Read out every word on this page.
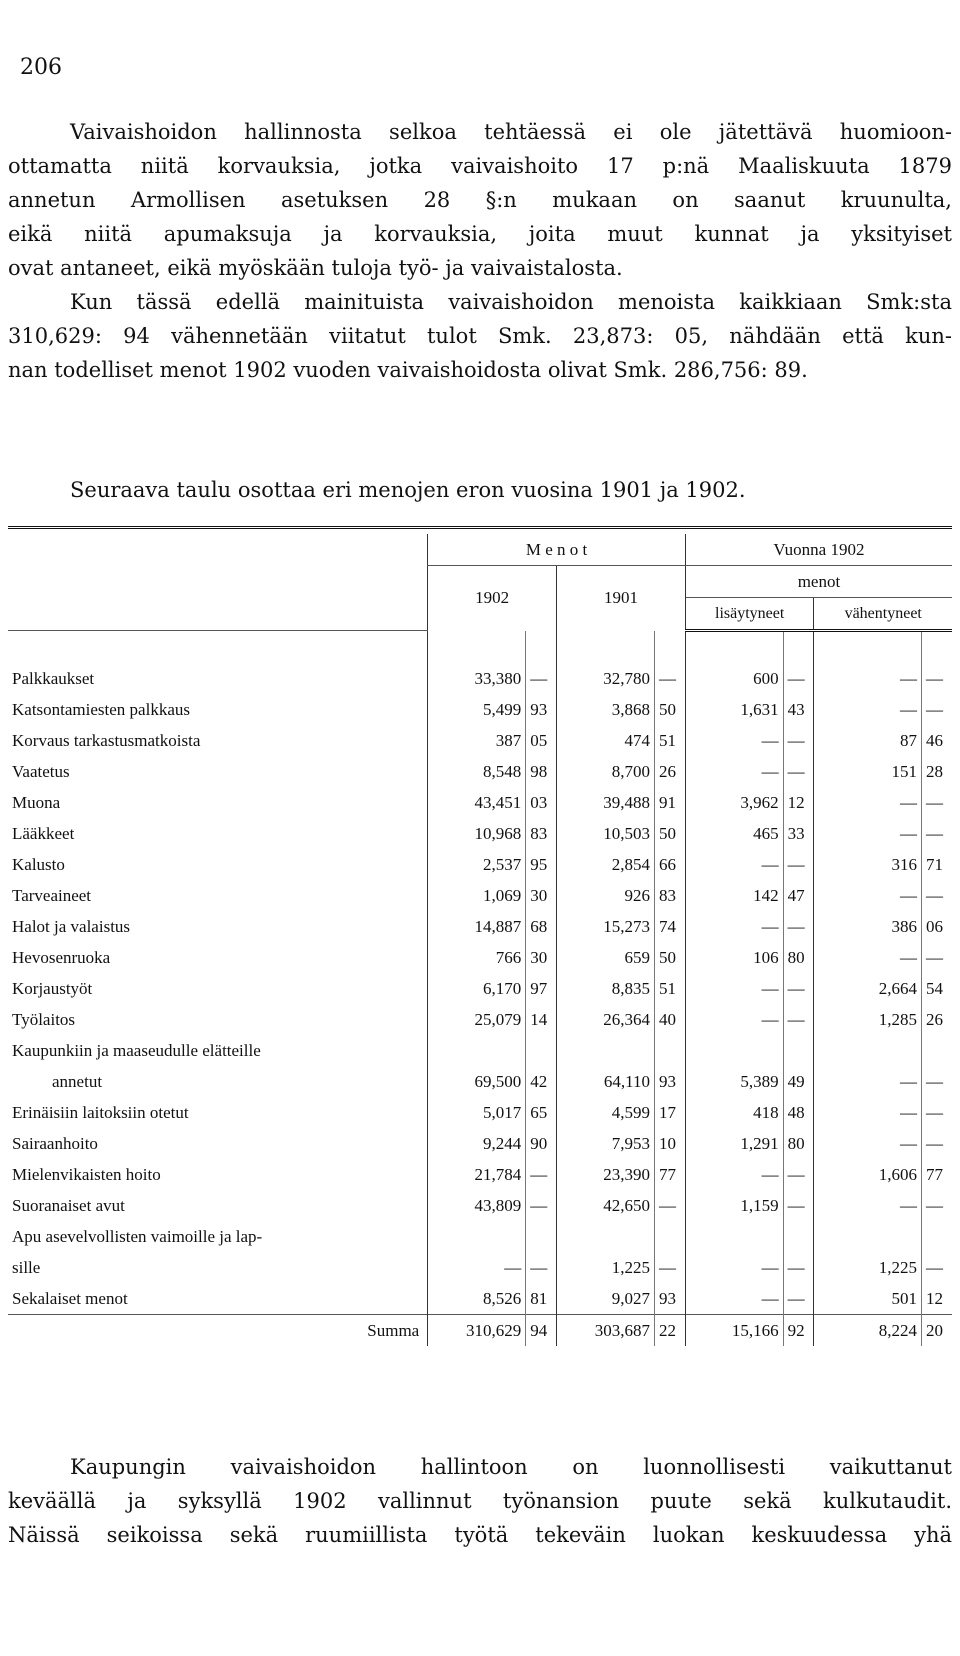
206
Vaivaishoidon hallinnosta selkoa tehtäessä ei ole jätettävä huomioon-
ottamatta niitä korvauksia, jotka vaivaishoito 17 p:nä Maaliskuuta 1879
annetun Armollisen asetuksen 28 §:n mukaan on saanut kruunulta,
eikä niitä apumaksuja ja korvauksia, joita muut kunnat ja yksityiset
ovat antaneet, eikä myöskään tuloja työ- ja vaivaistalosta.
Kun tässä edellä mainituista vaivaishoidon menoista kaikkiaan Smk:sta
310,629: 94 vähennetään viitatut tulot Smk. 23,873: 05, nähdään että kun-
nan todelliset menot 1902 vuoden vaivaishoidosta olivat Smk. 286,756: 89.
Seuraava taulu osottaa eri menojen eron vuosina 1901 ja 1902.
	M e n o t				Vuonna 1902			
	1902		1901		menot			
					lisäytyneet		vähentyneet	

Palkkaukset	33,380	—	32,780	—	600	—	—	—
Katsontamiesten palkkaus	5,499	93	3,868	50	1,631	43	—	—
Korvaus tarkastusmatkoista	387	05	474	51	—	—	87	46
Vaatetus	8,548	98	8,700	26	—	—	151	28
Muona	43,451	03	39,488	91	3,962	12	—	—
Lääkkeet	10,968	83	10,503	50	465	33	—	—
Kalusto	2,537	95	2,854	66	—	—	316	71
Tarveaineet	1,069	30	926	83	142	47	—	—
Halot ja valaistus	14,887	68	15,273	74	—	—	386	06
Hevosenruoka	766	30	659	50	106	80	—	—
Korjaustyöt	6,170	97	8,835	51	—	—	2,664	54
Työlaitos	25,079	14	26,364	40	—	—	1,285	26
Kaupunkiin ja maaseudulle elätteille								
annetut	69,500	42	64,110	93	5,389	49	—	—
Erinäisiin laitoksiin otetut	5,017	65	4,599	17	418	48	—	—
Sairaanhoito	9,244	90	7,953	10	1,291	80	—	—
Mielenvikaisten hoito	21,784	—	23,390	77	—	—	1,606	77
Suoranaiset avut	43,809	—	42,650	—	1,159	—	—	—
Apu asevelvollisten vaimoille ja lap-								
sille	—	—	1,225	—	—	—	1,225	—
Sekalaiset menot	8,526	81	9,027	93	—	—	501	12
Summa	310,629	94	303,687	22	15,166	92	8,224	20
Kaupungin vaivaishoidon hallintoon on luonnollisesti vaikuttanut
keväällä ja syksyllä 1902 vallinnut työnansion puute sekä kulkutaudit.
Näissä seikoissa sekä ruumiillista työtä tekeväin luokan keskuudessa yhä
